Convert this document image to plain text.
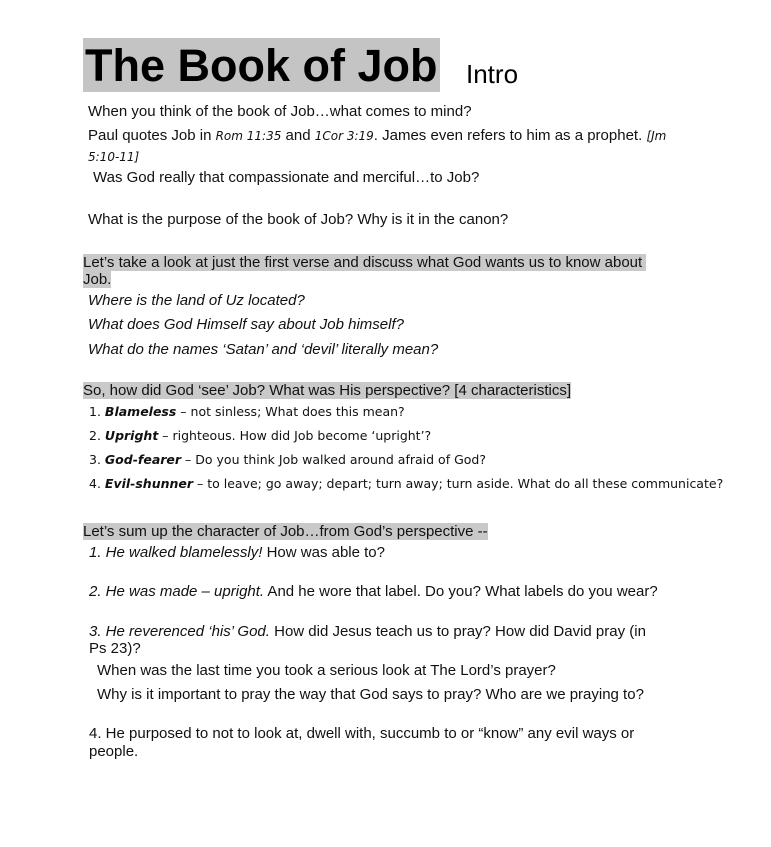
The Book of Job Intro
When you think of the book of Job…what comes to mind?
Paul quotes Job in Rom 11:35 and 1Cor 3:19. James even refers to him as a prophet. [Jm
5:10-11]
Was God really that compassionate and merciful…to Job?
What is the purpose of the book of Job? Why is it in the canon?
Let’s take a look at just the first verse and discuss what God wants us to know about
Job.
Where is the land of Uz located?
What does God Himself say about Job himself?
What do the names ‘Satan’ and ‘devil’ literally mean?
So, how did God ‘see’ Job? What was His perspective? [4 characteristics]
1. Blameless – not sinless; What does this mean?
2. Upright – righteous. How did Job become ‘upright’?
3. God-fearer – Do you think Job walked around afraid of God?
4. Evil-shunner – to leave; go away; depart; turn away; turn aside. What do all these communicate?
Let’s sum up the character of Job…from God’s perspective --
1. He walked blamelessly! How was able to?
2. He was made – upright. And he wore that label. Do you? What labels do you wear?
3. He reverenced ‘his’ God. How did Jesus teach us to pray? How did David pray (in
Ps 23)?
When was the last time you took a serious look at The Lord’s prayer?
Why is it important to pray the way that God says to pray? Who are we praying to?
4. He purposed to not to look at, dwell with, succumb to or “know” any evil ways or
people.
